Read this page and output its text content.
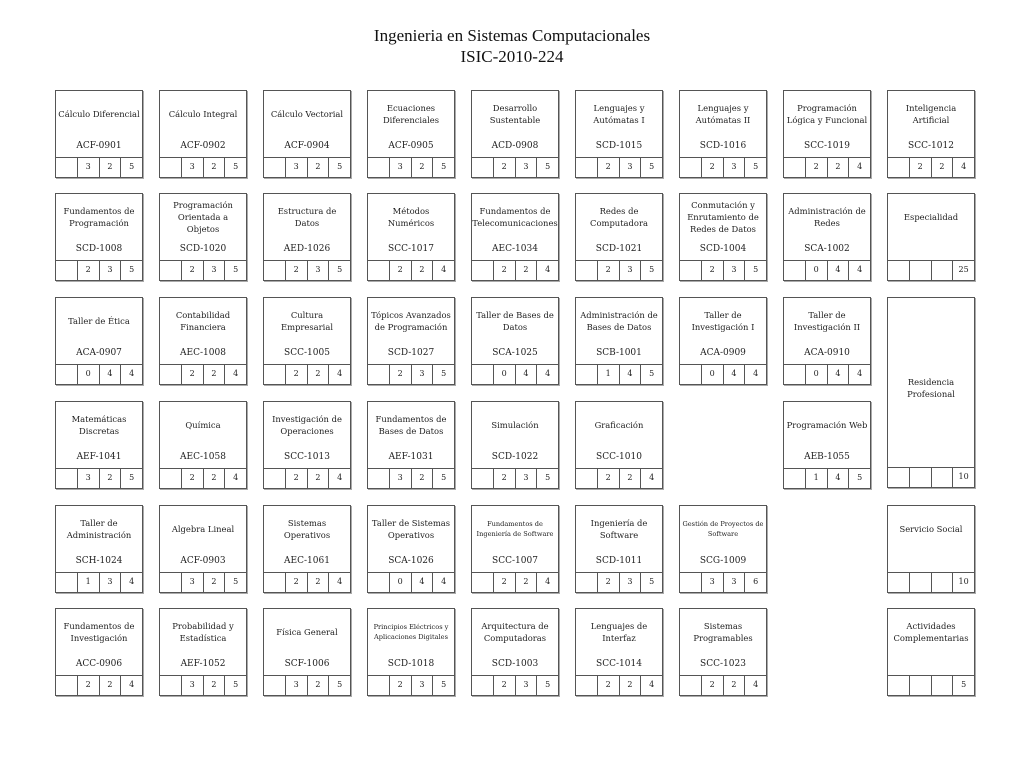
Ingenieria en Sistemas Computacionales
ISIC-2010-224
Cálculo Diferencial
ACF-0901
3	2	5
Cálculo Integral
ACF-0902
3	2	5
Cálculo Vectorial
ACF-0904
3	2	5
Ecuaciones Diferenciales
ACF-0905
3	2	5
Desarrollo Sustentable
ACD-0908
2	3	5
Lenguajes y Autómatas I
SCD-1015
2	3	5
Lenguajes y Autómatas II
SCD-1016
2	3	5
Programación Lógica y Funcional
SCC-1019
2	2	4
Inteligencia Artificial
SCC-1012
2	2	4
Fundamentos de Programación
SCD-1008
2	3	5
Programación Orientada a Objetos
SCD-1020
2	3	5
Estructura de Datos
AED-1026
2	3	5
Métodos Numéricos
SCC-1017
2	2	4
Fundamentos de Telecomunicaciones
AEC-1034
2	2	4
Redes de Computadora
SCD-1021
2	3	5
Conmutación y Enrutamiento de Redes de Datos
SCD-1004
2	3	5
Administración de Redes
SCA-1002
0	4	4
Especialidad
25
Taller de Ética
ACA-0907
0	4	4
Contabilidad Financiera
AEC-1008
2	2	4
Cultura Empresarial
SCC-1005
2	2	4
Tópicos Avanzados de Programación
SCD-1027
2	3	5
Taller de Bases de Datos
SCA-1025
0	4	4
Administración de Bases de Datos
SCB-1001
1	4	5
Taller de Investigación I
ACA-0909
0	4	4
Taller de Investigación II
ACA-0910
0	4	4
Residencia Profesional
10
Matemáticas Discretas
AEF-1041
3	2	5
Química
AEC-1058
2	2	4
Investigación de Operaciones
SCC-1013
2	2	4
Fundamentos de Bases de Datos
AEF-1031
3	2	5
Simulación
SCD-1022
2	3	5
Graficación
SCC-1010
2	2	4
Programación Web
AEB-1055
1	4	5
Taller de Administración
SCH-1024
1	3	4
Algebra Lineal
ACF-0903
3	2	5
Sistemas Operativos
AEC-1061
2	2	4
Taller de Sistemas Operativos
SCA-1026
0	4	4
Fundamentos de Ingeniería de Software
SCC-1007
2	2	4
Ingeniería de Software
SCD-1011
2	3	5
Gestión de Proyectos de Software
SCG-1009
3	3	6
Servicio Social
10
Fundamentos de Investigación
ACC-0906
2	2	4
Probabilidad y Estadística
AEF-1052
3	2	5
Física General
SCF-1006
3	2	5
Principios Eléctricos y Aplicaciones Digitales
SCD-1018
2	3	5
Arquitectura de Computadoras
SCD-1003
2	3	5
Lenguajes de Interfaz
SCC-1014
2	2	4
Sistemas Programables
SCC-1023
2	2	4
Actividades Complementarias
5
